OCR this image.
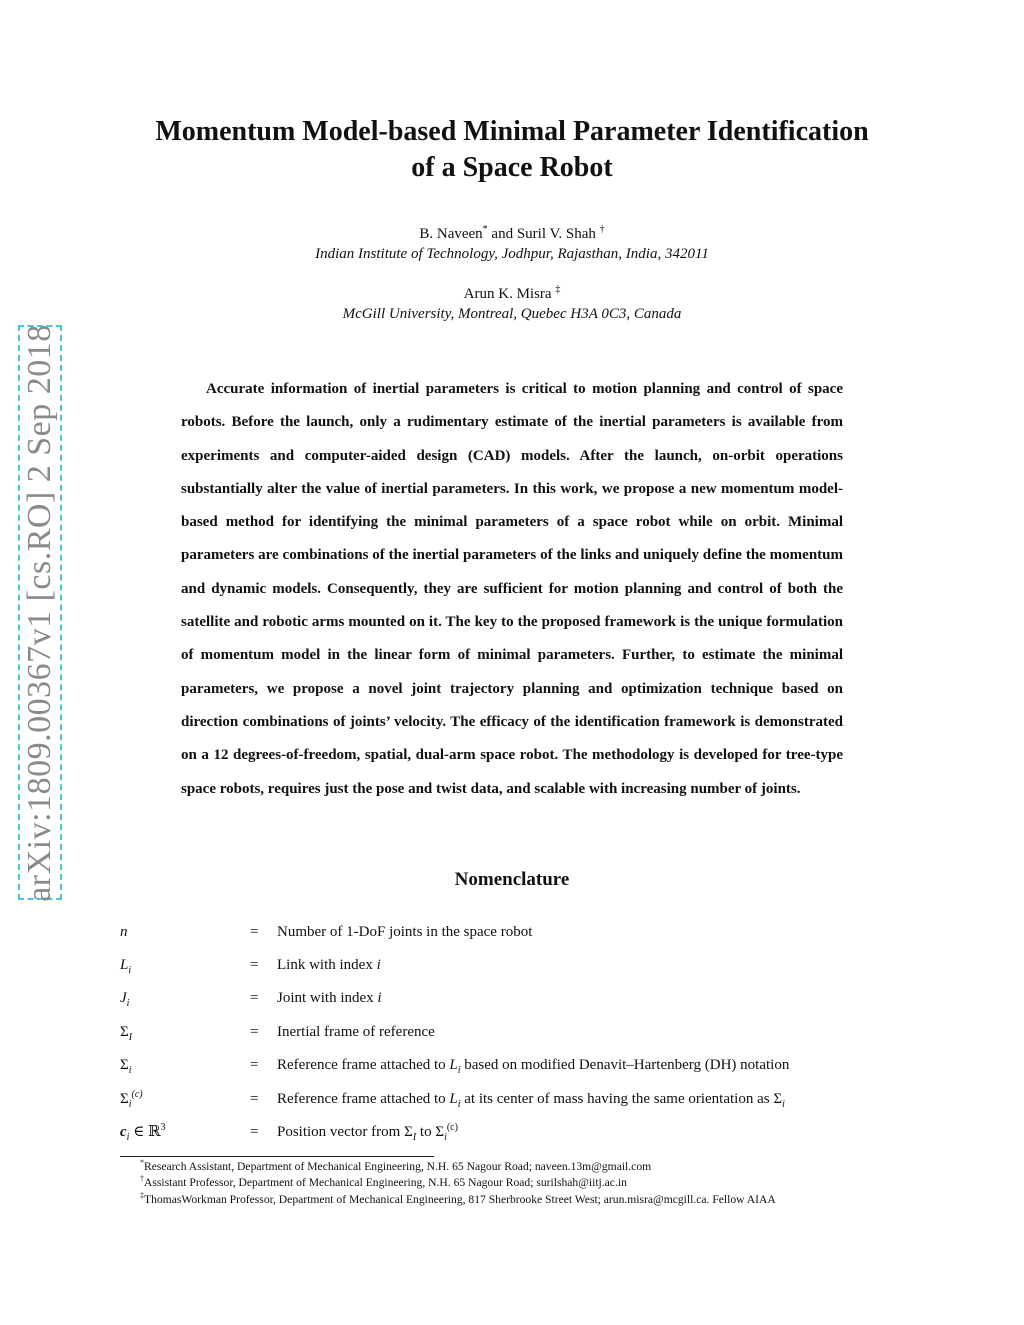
arXiv:1809.00367v1 [cs.RO] 2 Sep 2018
Momentum Model-based Minimal Parameter Identification
of a Space Robot
B. Naveen* and Suril V. Shah †
Indian Institute of Technology, Jodhpur, Rajasthan, India, 342011
Arun K. Misra ‡
McGill University, Montreal, Quebec H3A 0C3, Canada
Accurate information of inertial parameters is critical to motion planning and control of space robots. Before the launch, only a rudimentary estimate of the inertial parameters is available from experiments and computer-aided design (CAD) models. After the launch, on-orbit operations substantially alter the value of inertial parameters. In this work, we propose a new momentum model-based method for identifying the minimal parameters of a space robot while on orbit. Minimal parameters are combinations of the inertial parameters of the links and uniquely define the momentum and dynamic models. Consequently, they are sufficient for motion planning and control of both the satellite and robotic arms mounted on it. The key to the proposed framework is the unique formulation of momentum model in the linear form of minimal parameters. Further, to estimate the minimal parameters, we propose a novel joint trajectory planning and optimization technique based on direction combinations of joints’ velocity. The efficacy of the identification framework is demonstrated on a 12 degrees-of-freedom, spatial, dual-arm space robot. The methodology is developed for tree-type space robots, requires just the pose and twist data, and scalable with increasing number of joints.
Nomenclature
n	= Number of 1-DoF joints in the space robot
$L_i$	= Link with index i
$J_i$	= Joint with index i
$\Sigma_I$	= Inertial frame of reference
$\Sigma_i$	= Reference frame attached to $L_i$ based on modified Denavit–Hartenberg (DH) notation
$\Sigma_i^{(c)}$	= Reference frame attached to $L_i$ at its center of mass having the same orientation as $\Sigma_i$
$c_i$ ∈ ℝ$^3$	= Position vector from $\Sigma_I$ to $\Sigma_i^{(c)}$
*Research Assistant, Department of Mechanical Engineering, N.H. 65 Nagour Road; naveen.13m@gmail.com
†Assistant Professor, Department of Mechanical Engineering, N.H. 65 Nagour Road; surilshah@iitj.ac.in
‡ThomasWorkman Professor, Department of Mechanical Engineering, 817 Sherbrooke Street West; arun.misra@mcgill.ca. Fellow AIAA
